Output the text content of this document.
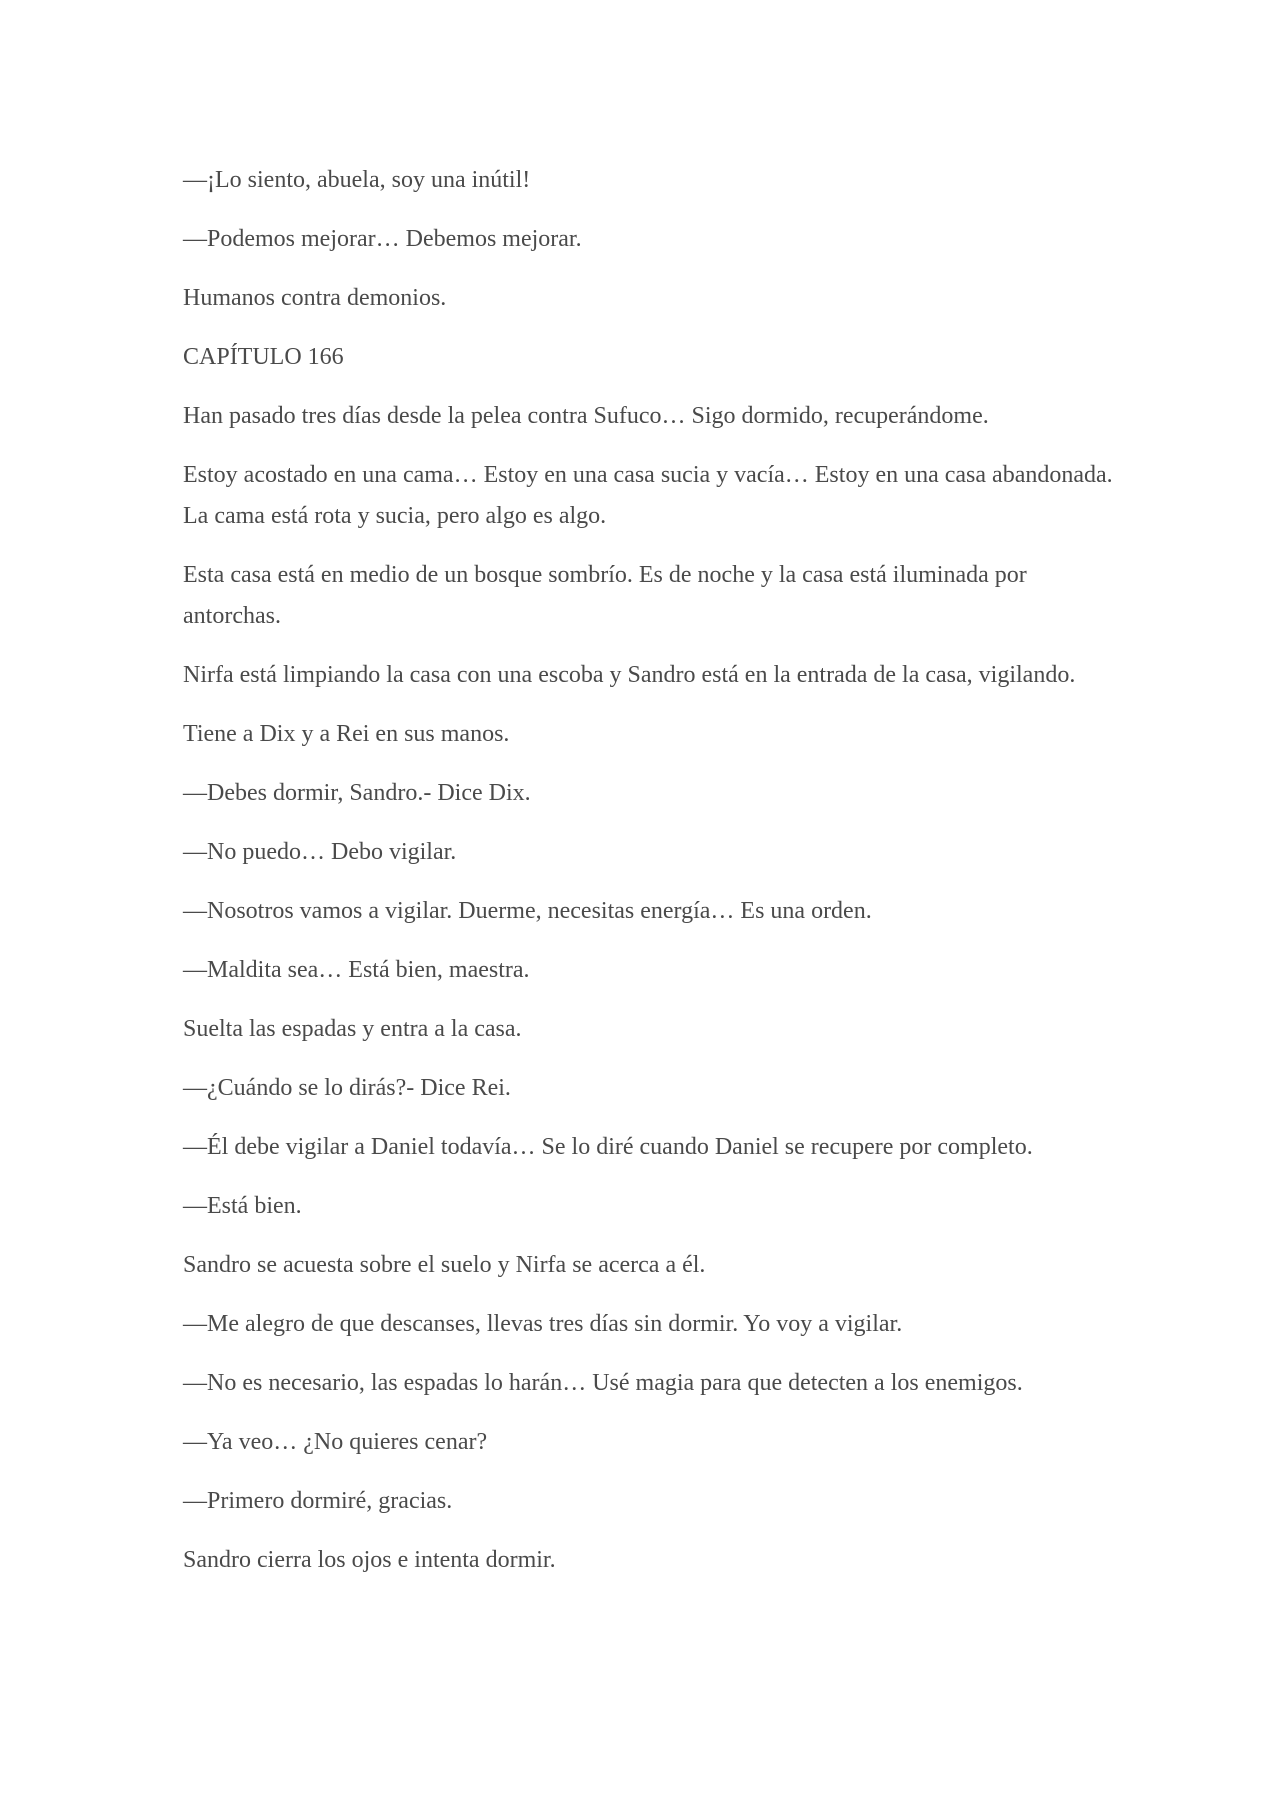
—¡Lo siento, abuela, soy una inútil!

—Podemos mejorar… Debemos mejorar.

Humanos contra demonios.

CAPÍTULO 166

Han pasado tres días desde la pelea contra Sufuco… Sigo dormido, recuperándome.

Estoy acostado en una cama… Estoy en una casa sucia y vacía… Estoy en una casa abandonada. La cama está rota y sucia, pero algo es algo.

Esta casa está en medio de un bosque sombrío. Es de noche y la casa está iluminada por antorchas.

Nirfa está limpiando la casa con una escoba y Sandro está en la entrada de la casa, vigilando.

Tiene a Dix y a Rei en sus manos.

—Debes dormir, Sandro.- Dice Dix.

—No puedo… Debo vigilar.

—Nosotros vamos a vigilar. Duerme, necesitas energía… Es una orden.

—Maldita sea… Está bien, maestra.

Suelta las espadas y entra a la casa.

—¿Cuándo se lo dirás?- Dice Rei.

—Él debe vigilar a Daniel todavía… Se lo diré cuando Daniel se recupere por completo.

—Está bien.

Sandro se acuesta sobre el suelo y Nirfa se acerca a él.

—Me alegro de que descanses, llevas tres días sin dormir. Yo voy a vigilar.

—No es necesario, las espadas lo harán… Usé magia para que detecten a los enemigos.

—Ya veo… ¿No quieres cenar?

—Primero dormiré, gracias.

Sandro cierra los ojos e intenta dormir.
